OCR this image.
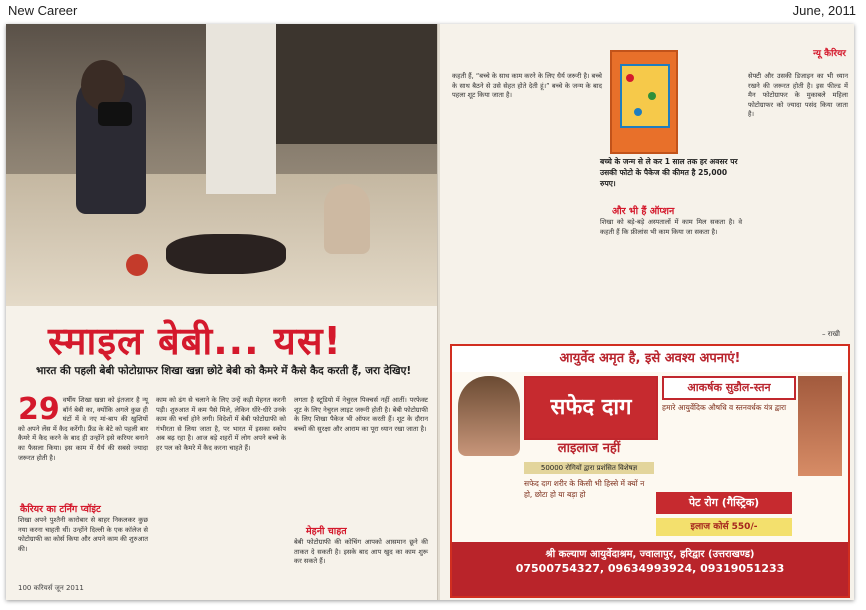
New Career	June, 2011
स्माइल बेबी... यस!
भारत की पहली बेबी फोटोग्राफर शिखा खन्ना छोटे बेबी को कैमरे में कैसे कैद करती हैं, जरा देखिए!
29 वर्षीय शिखा खन्ना को इंतजार है न्यू बॉर्न बेबी का, क्योंकि अगले कुछ ही घंटों में वे नए मां-बाप की खुशियों को अपने लेंस में कैद करेंगी। फ्रैंड के बेटे को पहली बार कैमरे में कैद करने के बाद ही उन्होंने इसे करियर बनाने का फैसला किया। इस काम में धैर्य की सबसे ज्यादा जरूरत होती है।
कैरियर का टर्निंग प्वॉइंट
शिखा अपने पुश्तैनी कारोबार से बाहर निकलकर कुछ नया करना चाहती थीं। उन्होंने दिल्ली के एक कॉलेज से फोटोग्राफी का कोर्स किया और अपने काम की शुरुआत की।
काम को ढंग से चलाने के लिए उन्हें कड़ी मेहनत करनी पड़ी। शुरुआत में कम पैसे मिले, लेकिन धीरे-धीरे उनके काम की चर्चा होने लगी। विदेशों में बेबी फोटोग्राफी को गंभीरता से लिया जाता है, पर भारत में इसका स्कोप अब बढ़ रहा है। आज बड़े शहरों में लोग अपने बच्चे के हर पल को कैमरे में कैद करना चाहते हैं।
लगता है स्टूडियो में नेचुरल पिक्चर्स नहीं आतीं। परफेक्ट शूट के लिए नेचुरल लाइट जरूरी होती है। बेबी फोटोग्राफी के लिए शिखा पैकेज भी ऑफर करती हैं। शूट के दौरान बच्चों की सुरक्षा और आराम का पूरा ध्यान रखा जाता है।
मेहनी चाहत
बेबी फोटोग्राफी की कोचिंग आपको आसमान छूने की ताकत दे सकती है। इसके बाद आप खुद का काम शुरू कर सकते हैं।
100 करियर्स जून 2011
न्यू कैरियर
कहती हैं, “बच्चे के साथ काम करने के लिए धैर्य जरूरी है। बच्चे के साथ बैठने से उसे सेहत होते देती हूं।” बच्चे के जन्म के बाद पहला शूट किया जाता है।
बच्चे के जन्म से ले कर 1 साल तक हर अवसर पर उसकी फोटो के पैकेज की कीमत है 25,000 रुपए।
और भी हैं ऑप्शन
शिखा को बड़े-बड़े अस्पतालों में काम मिल सकता है। वे कहती हैं कि फ्रीलांस भी काम किया जा सकता है।
सेफ्टी और उसकी डिजाइन का भी ध्यान रखने की जरूरत होती है। इस फील्ड में मैन फोटोग्राफर के मुकाबले महिला फोटोग्राफर को ज्यादा पसंद किया जाता है।
– राखी
आयुर्वेद अमृत है, इसे अवश्य अपनाएं!
सफेद दाग
लाइलाज नहीं
आकर्षक सुडौल-स्तन
हमारे आयुर्वेदिक औषधि व स्तनवर्धक यंत्र द्वारा
50000 रोगियों द्वारा प्रशंसित विशेषज्ञ
सफेद दाग शरीर के किसी भी हिस्से में क्यों न हो, छोटा हो या बड़ा हो
पेट रोग (गैस्ट्रिक)
इलाज कोर्स 550/-
श्री कल्याण आयुर्वेदाश्रम, ज्वालापुर, हरिद्वार (उत्तराखण्ड)
07500754327, 09634993924, 09319051233
